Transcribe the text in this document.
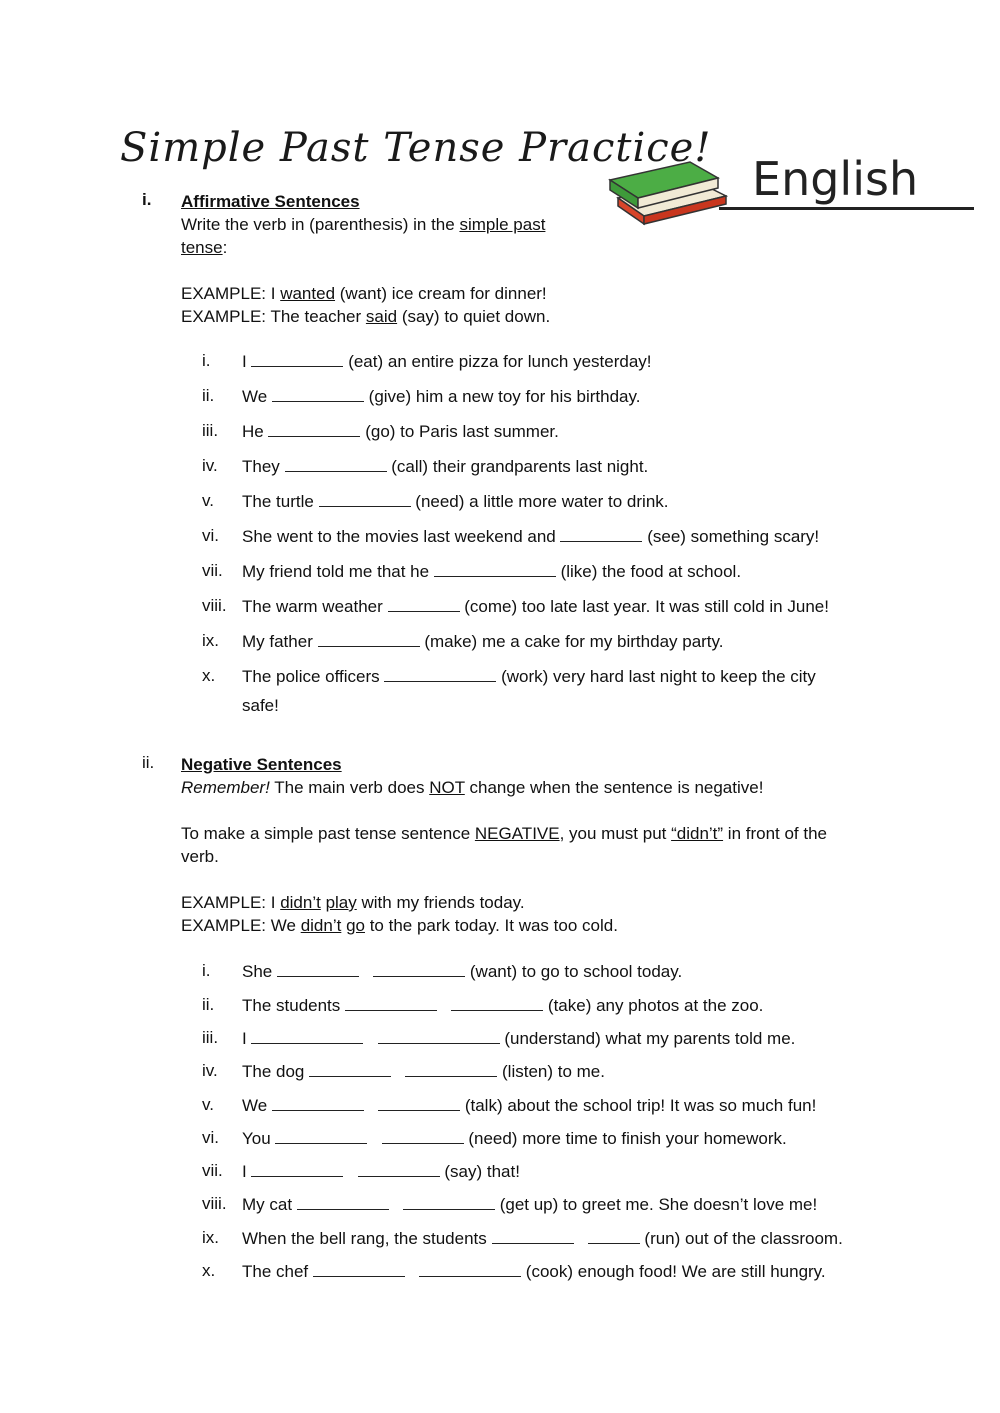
Simple Past Tense Practice!
English
i. Affirmative Sentences
Write the verb in (parenthesis) in the simple past tense:
EXAMPLE: I wanted (want) ice cream for dinner!
EXAMPLE: The teacher said (say) to quiet down.
i. I	(eat) an entire pizza for lunch yesterday!
ii. We	(give) him a new toy for his birthday.
iii. He	(go) to Paris last summer.
iv. They	(call) their grandparents last night.
v. The turtle	(need) a little more water to drink.
vi. She went to the movies last weekend and	(see) something scary!
vii. My friend told me that he	(like) the food at school.
viii. The warm weather	(come) too late last year. It was still cold in June!
ix. My father	(make) me a cake for my birthday party.
x. The police officers	(work) very hard last night to keep the city
safe!
ii. Negative Sentences
Remember! The main verb does NOT change when the sentence is negative!
To make a simple past tense sentence NEGATIVE, you must put “didn’t” in front of the verb.
EXAMPLE: I didn’t play with my friends today.
EXAMPLE: We didn’t go to the park today. It was too cold.
i. She	(want) to go to school today.
ii. The students	(take) any photos at the zoo.
iii. I	(understand) what my parents told me.
iv. The dog	(listen) to me.
v. We	(talk) about the school trip! It was so much fun!
vi. You	(need) more time to finish your homework.
vii. I	(say) that!
viii. My cat	(get up) to greet me. She doesn’t love me!
ix. When the bell rang, the students	(run) out of the classroom.
x. The chef	(cook) enough food! We are still hungry.
